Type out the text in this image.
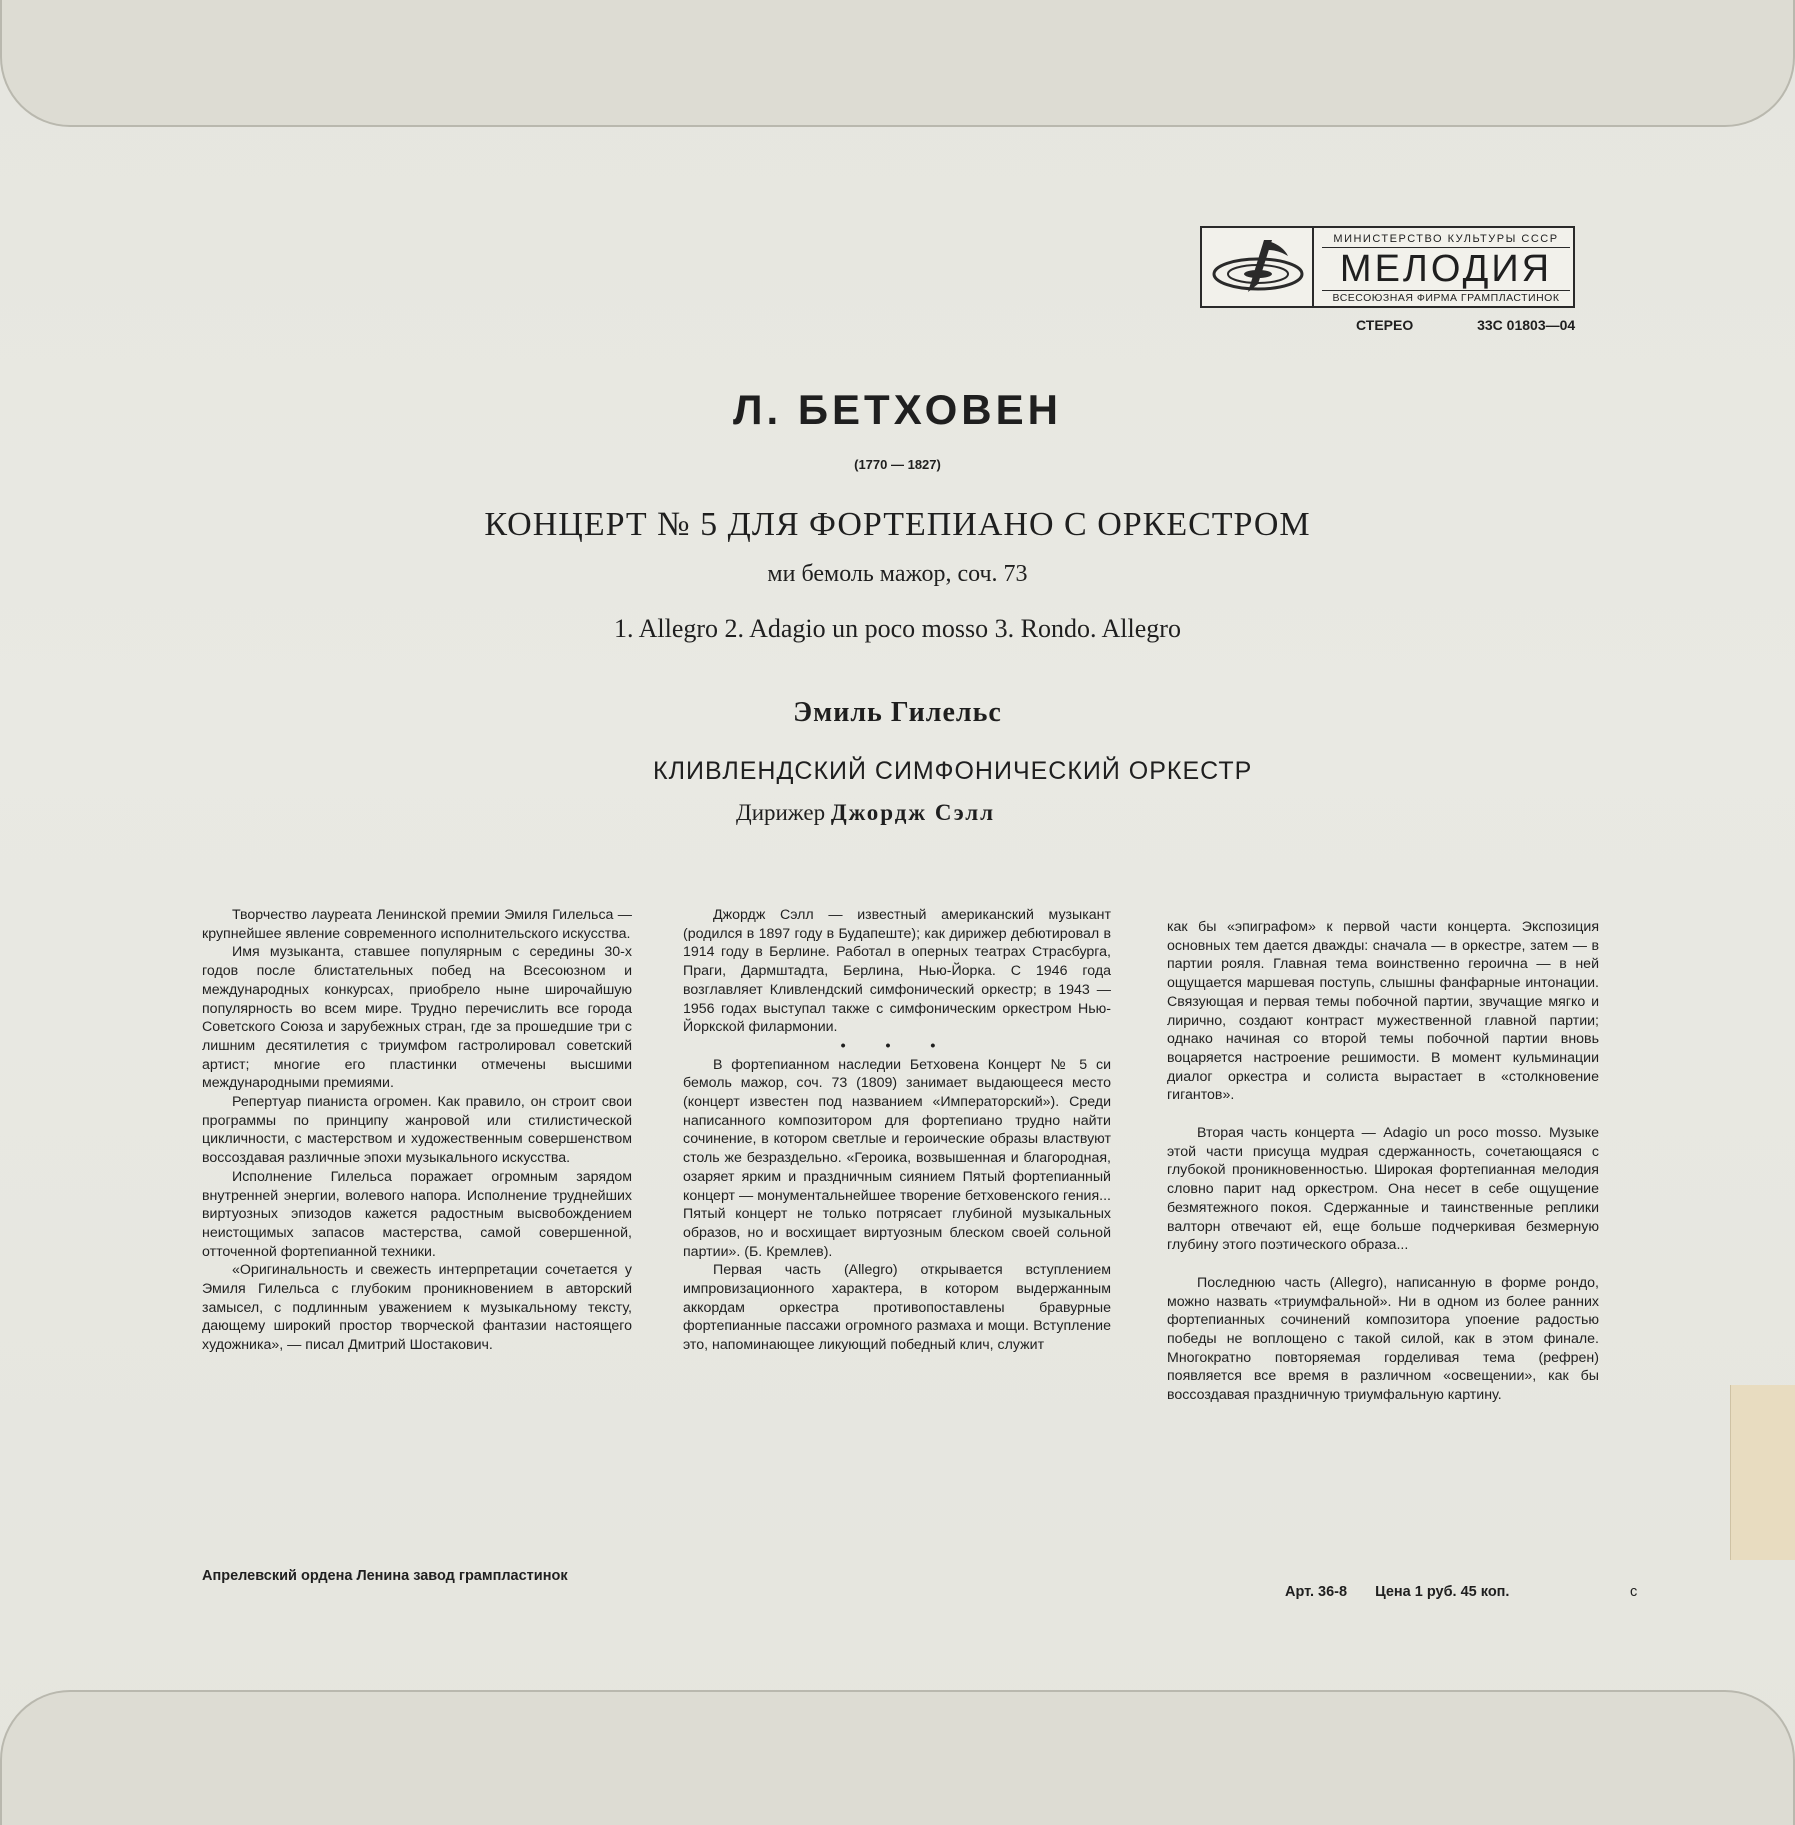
МИНИСТЕРСТВО КУЛЬТУРЫ СССР
МЕЛОДИЯ
ВСЕСОЮЗНАЯ ФИРМА ГРАМПЛАСТИНОК
СТЕРЕО	33С 01803—04
Л. БЕТХОВЕН
(1770 — 1827)
КОНЦЕРТ № 5 ДЛЯ ФОРТЕПИАНО С ОРКЕСТРОМ
ми бемоль мажор, соч. 73
1. Allegro 2. Adagio un poco mosso 3. Rondo. Allegro
Эмиль Гилельс
КЛИВЛЕНДСКИЙ СИМФОНИЧЕСКИЙ ОРКЕСТР
Дирижер Джордж Сэлл

Творчество лауреата Ленинской премии Эмиля Гилельса — крупнейшее явление современного исполнительского искусства.

Имя музыканта, ставшее популярным с середины 30-х годов после блистательных побед на Всесоюзном и международных конкурсах, приобрело ныне широчайшую популярность во всем мире. Трудно перечислить все города Советского Союза и зарубежных стран, где за прошедшие три с лишним десятилетия с триумфом гастролировал советский артист; многие его пластинки отмечены высшими международными премиями.

Репертуар пианиста огромен. Как правило, он строит свои программы по принципу жанровой или стилистической цикличности, с мастерством и художественным совершенством воссоздавая различные эпохи музыкального искусства.

Исполнение Гилельса поражает огромным зарядом внутренней энергии, волевого напора. Исполнение труднейших виртуозных эпизодов кажется радостным высвобождением неистощимых запасов мастерства, самой совершенной, отточенной фортепианной техники.

«Оригинальность и свежесть интерпретации сочетается у Эмиля Гилельса с глубоким проникновением в авторский замысел, с подлинным уважением к музыкальному тексту, дающему широкий простор творческой фантазии настоящего художника», — писал Дмитрий Шостакович.

Джордж Сэлл — известный американский музыкант (родился в 1897 году в Будапеште); как дирижер дебютировал в 1914 году в Берлине. Работал в оперных театрах Страсбурга, Праги, Дармштадта, Берлина, Нью-Йорка. С 1946 года возглавляет Кливлендский симфонический оркестр; в 1943 — 1956 годах выступал также с симфоническим оркестром Нью-Йоркской филармонии.

• • •

В фортепианном наследии Бетховена Концерт № 5 си бемоль мажор, соч. 73 (1809) занимает выдающееся место (концерт известен под названием «Императорский»). Среди написанного композитором для фортепиано трудно найти сочинение, в котором светлые и героические образы властвуют столь же безраздельно. «Героика, возвышенная и благородная, озаряет ярким и праздничным сиянием Пятый фортепианный концерт — монументальнейшее творение бетховенского гения... Пятый концерт не только потрясает глубиной музыкальных образов, но и восхищает виртуозным блеском своей сольной партии». (Б. Кремлев).

Первая часть (Allegro) открывается вступлением импровизационного характера, в котором выдержанным аккордам оркестра противопоставлены бравурные фортепианные пассажи огромного размаха и мощи. Вступление это, напоминающее ликующий победный клич, служит

как бы «эпиграфом» к первой части концерта. Экспозиция основных тем дается дважды: сначала — в оркестре, затем — в партии рояля. Главная тема воинственно героична — в ней ощущается маршевая поступь, слышны фанфарные интонации. Связующая и первая темы побочной партии, звучащие мягко и лирично, создают контраст мужественной главной партии; однако начиная со второй темы побочной партии вновь воцаряется настроение решимости. В момент кульминации диалог оркестра и солиста вырастает в «столкновение гигантов».

Вторая часть концерта — Adagio un poco mosso. Музыке этой части присуща мудрая сдержанность, сочетающаяся с глубокой проникновенностью. Широкая фортепианная мелодия словно парит над оркестром. Она несет в себе ощущение безмятежного покоя. Сдержанные и таинственные реплики валторн отвечают ей, еще больше подчеркивая безмерную глубину этого поэтического образа...

Последнюю часть (Allegro), написанную в форме рондо, можно назвать «триумфальной». Ни в одном из более ранних фортепианных сочинений композитора упоение радостью победы не воплощено с такой силой, как в этом финале. Многократно повторяемая горделивая тема (рефрен) появляется все время в различном «освещении», как бы воссоздавая праздничную триумфальную картину.

Апрелевский ордена Ленина завод грампластинок
Арт. 36-8 Цена 1 руб. 45 коп.	с
